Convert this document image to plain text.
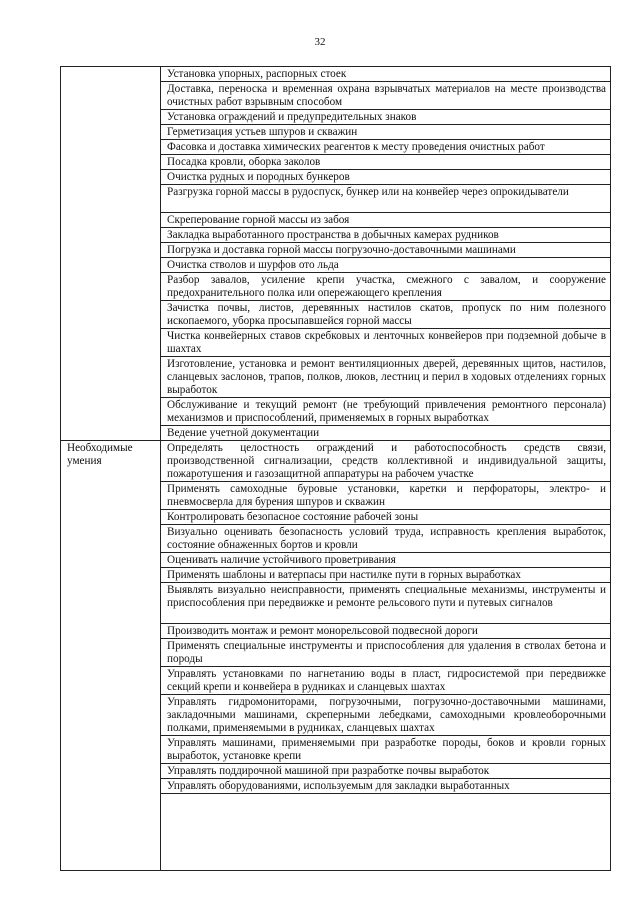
32
Необходимые умения
Установка упорных, распорных стоек
Доставка, переноска и временная охрана взрывчатых материалов на месте производства очистных работ взрывным способом
Установка ограждений и предупредительных знаков
Герметизация устьев шпуров и скважин
Фасовка и доставка химических реагентов к месту проведения очистных работ
Посадка кровли, оборка заколов
Очистка рудных и породных бункеров
Разгрузка горной массы в рудоспуск, бункер или на конвейер через опрокидыватели
Скреперование горной массы из забоя
Закладка выработанного пространства в добычных камерах рудников
Погрузка и доставка горной массы погрузочно-доставочными машинами
Очистка стволов и шурфов ото льда
Разбор завалов, усиление крепи участка, смежного с завалом, и сооружение предохранительного полка или опережающего крепления
Зачистка почвы, листов, деревянных настилов скатов, пропуск по ним полезного ископаемого, уборка просыпавшейся горной массы
Чистка конвейерных ставов скребковых и ленточных конвейеров при подземной добыче в шахтах
Изготовление, установка и ремонт вентиляционных дверей, деревянных щитов, настилов, сланцевых заслонов, трапов, полков, люков, лестниц и перил в ходовых отделениях горных выработок
Обслуживание и текущий ремонт (не требующий привлечения ремонтного персонала) механизмов и приспособлений, применяемых в горных выработках
Ведение учетной документации
Определять целостность ограждений и работоспособность средств связи, производственной сигнализации, средств коллективной и индивидуальной защиты, пожаротушения и газозащитной аппаратуры на рабочем участке
Применять самоходные буровые установки, каретки и перфораторы, электро- и пневмосверла для бурения шпуров и скважин
Контролировать безопасное состояние рабочей зоны
Визуально оценивать безопасность условий труда, исправность крепления выработок, состояние обнаженных бортов и кровли
Оценивать наличие устойчивого проветривания
Применять шаблоны и ватерпасы при настилке пути в горных выработках
Выявлять визуально неисправности, применять специальные механизмы, инструменты и приспособления при передвижке и ремонте рельсового пути и путевых сигналов
Производить монтаж и ремонт монорельсовой подвесной дороги
Применять специальные инструменты и приспособления для удаления в стволах бетона и породы
Управлять установками по нагнетанию воды в пласт, гидросистемой при передвижке секций крепи и конвейера в рудниках и сланцевых шахтах
Управлять гидромониторами, погрузочными, погрузочно-доставочными машинами, закладочными машинами, скреперными лебедками, самоходными кровлеоборочными полками, применяемыми в рудниках, сланцевых шахтах
Управлять машинами, применяемыми при разработке породы, боков и кровли горных выработок, установке крепи
Управлять поддирочной машиной при разработке почвы выработок
Управлять оборудованиями, используемым для закладки выработанных
